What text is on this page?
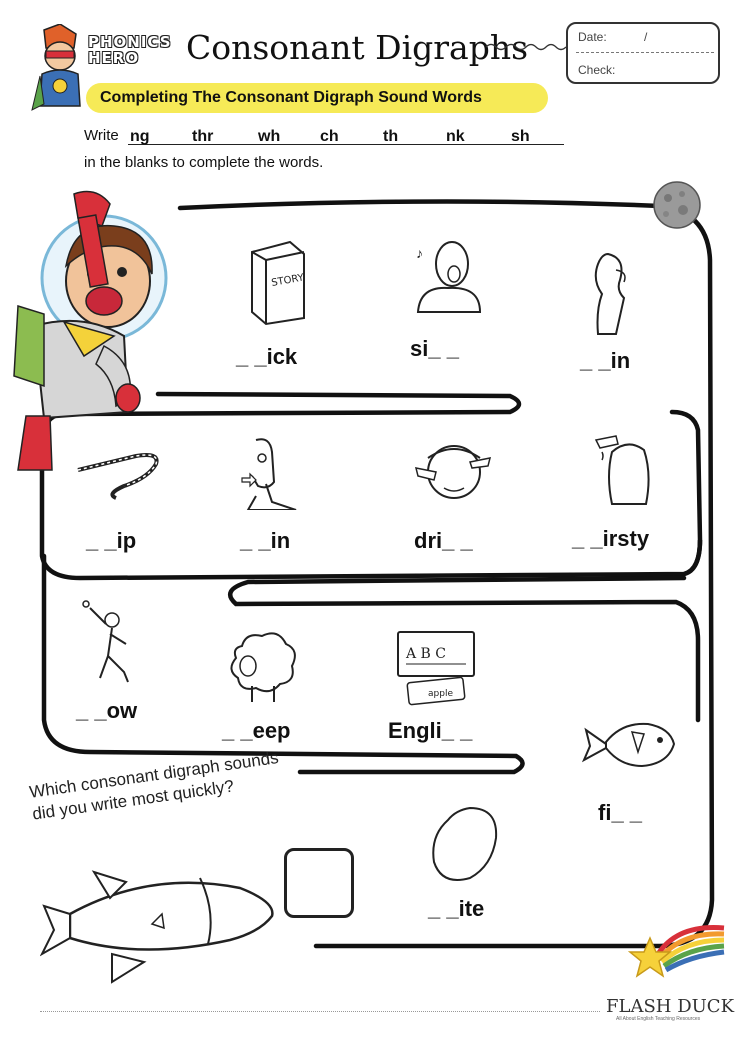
PHONICS
HERO	Consonant Digraphs	Date:	/
Check:
Completing The Consonant Digraph Sound Words
Write ng	thr	wh ch	th	nk	sh
in the blanks to complete the words.
STORY
_ _ick
♪
si_ _	_ _in
_ _ip	_ _in	dri_ _	_ _irsty
_ _ow
_ _eep
A B C
apple
Engli_ _
fi_ _
_ _ite
Which consonant digraph sounds did you write most quickly?
FLASH DUCK
All About English Teaching Resources
